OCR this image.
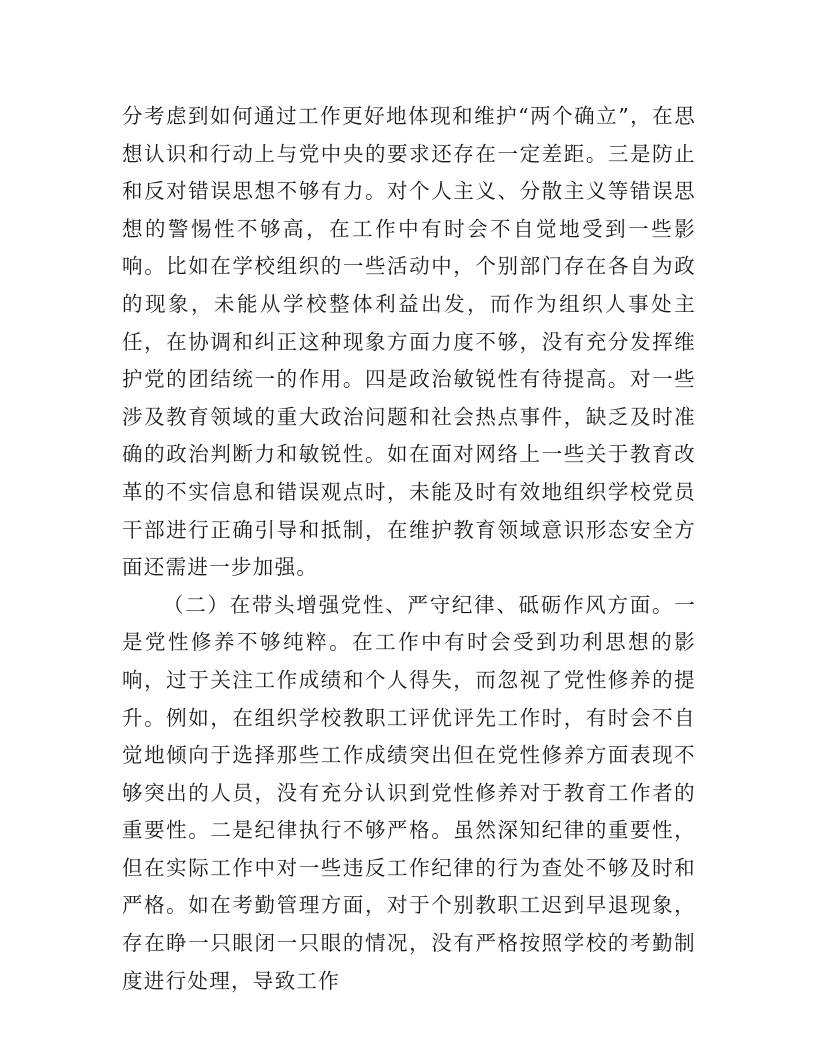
分考虑到如何通过工作更好地体现和维护“两个确立”，在思想认识和行动上与党中央的要求还存在一定差距。三是防止和反对错误思想不够有力。对个人主义、分散主义等错误思想的警惕性不够高，在工作中有时会不自觉地受到一些影响。比如在学校组织的一些活动中，个别部门存在各自为政的现象，未能从学校整体利益出发，而作为组织人事处主任，在协调和纠正这种现象方面力度不够，没有充分发挥维护党的团结统一的作用。四是政治敏锐性有待提高。对一些涉及教育领域的重大政治问题和社会热点事件，缺乏及时准确的政治判断力和敏锐性。如在面对网络上一些关于教育改革的不实信息和错误观点时，未能及时有效地组织学校党员干部进行正确引导和抵制，在维护教育领域意识形态安全方面还需进一步加强。

（二）在带头增强党性、严守纪律、砥砺作风方面。一是党性修养不够纯粹。在工作中有时会受到功利思想的影响，过于关注工作成绩和个人得失，而忽视了党性修养的提升。例如，在组织学校教职工评优评先工作时，有时会不自觉地倾向于选择那些工作成绩突出但在党性修养方面表现不够突出的人员，没有充分认识到党性修养对于教育工作者的重要性。二是纪律执行不够严格。虽然深知纪律的重要性，但在实际工作中对一些违反工作纪律的行为查处不够及时和严格。如在考勤管理方面，对于个别教职工迟到早退现象，存在睁一只眼闭一只眼的情况，没有严格按照学校的考勤制度进行处理，导致工作
